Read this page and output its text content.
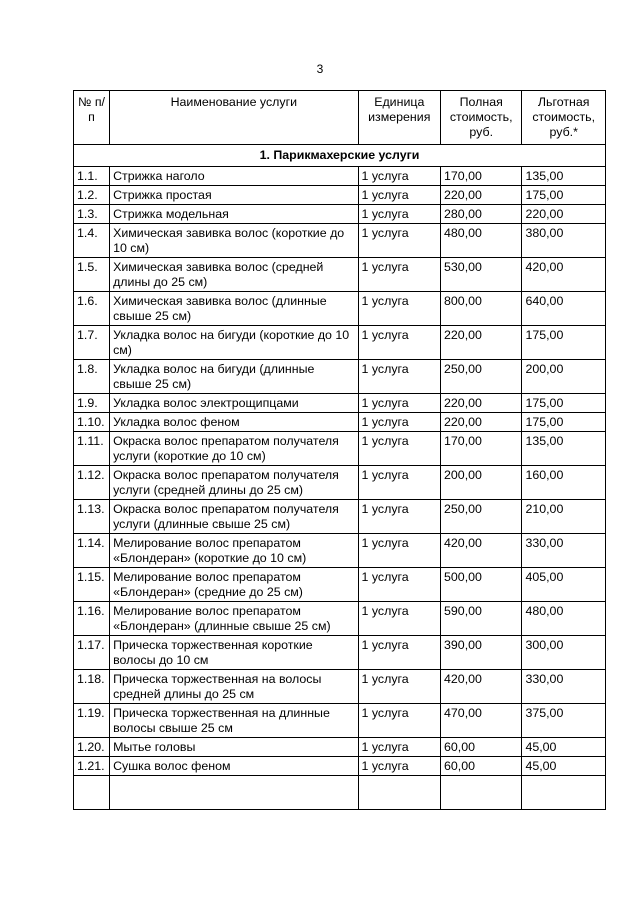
3
№ п/п	Наименование услуги	Единица измерения	Полная стоимость, руб.	Льготная стоимость, руб.*
1. Парикмахерские услуги				
1.1.	Стрижка наголо	1 услуга	170,00	135,00
1.2.	Стрижка простая	1 услуга	220,00	175,00
1.3.	Стрижка модельная	1 услуга	280,00	220,00
1.4.	Химическая завивка волос (короткие до 10 см)	1 услуга	480,00	380,00
1.5.	Химическая завивка волос (средней длины до 25 см)	1 услуга	530,00	420,00
1.6.	Химическая завивка волос (длинные свыше 25 см)	1 услуга	800,00	640,00
1.7.	Укладка волос на бигуди (короткие до 10 см)	1 услуга	220,00	175,00
1.8.	Укладка волос на бигуди (длинные свыше 25 см)	1 услуга	250,00	200,00
1.9.	Укладка волос электрощипцами	1 услуга	220,00	175,00
1.10.	Укладка волос феном	1 услуга	220,00	175,00
1.11.	Окраска волос препаратом получателя услуги (короткие до 10 см)	1 услуга	170,00	135,00
1.12.	Окраска волос препаратом получателя услуги (средней длины до 25 см)	1 услуга	200,00	160,00
1.13.	Окраска волос препаратом получателя услуги (длинные свыше 25 см)	1 услуга	250,00	210,00
1.14.	Мелирование волос препаратом «Блондеран» (короткие до 10 см)	1 услуга	420,00	330,00
1.15.	Мелирование волос препаратом «Блондеран» (средние до 25 см)	1 услуга	500,00	405,00
1.16.	Мелирование волос препаратом «Блондеран» (длинные свыше 25 см)	1 услуга	590,00	480,00
1.17.	Прическа торжественная короткие волосы до 10 см	1 услуга	390,00	300,00
1.18.	Прическа торжественная на волосы средней длины до 25 см	1 услуга	420,00	330,00
1.19.	Прическа торжественная на длинные волосы свыше 25 см	1 услуга	470,00	375,00
1.20.	Мытье головы	1 услуга	60,00	45,00
1.21.	Сушка волос феном	1 услуга	60,00	45,00
